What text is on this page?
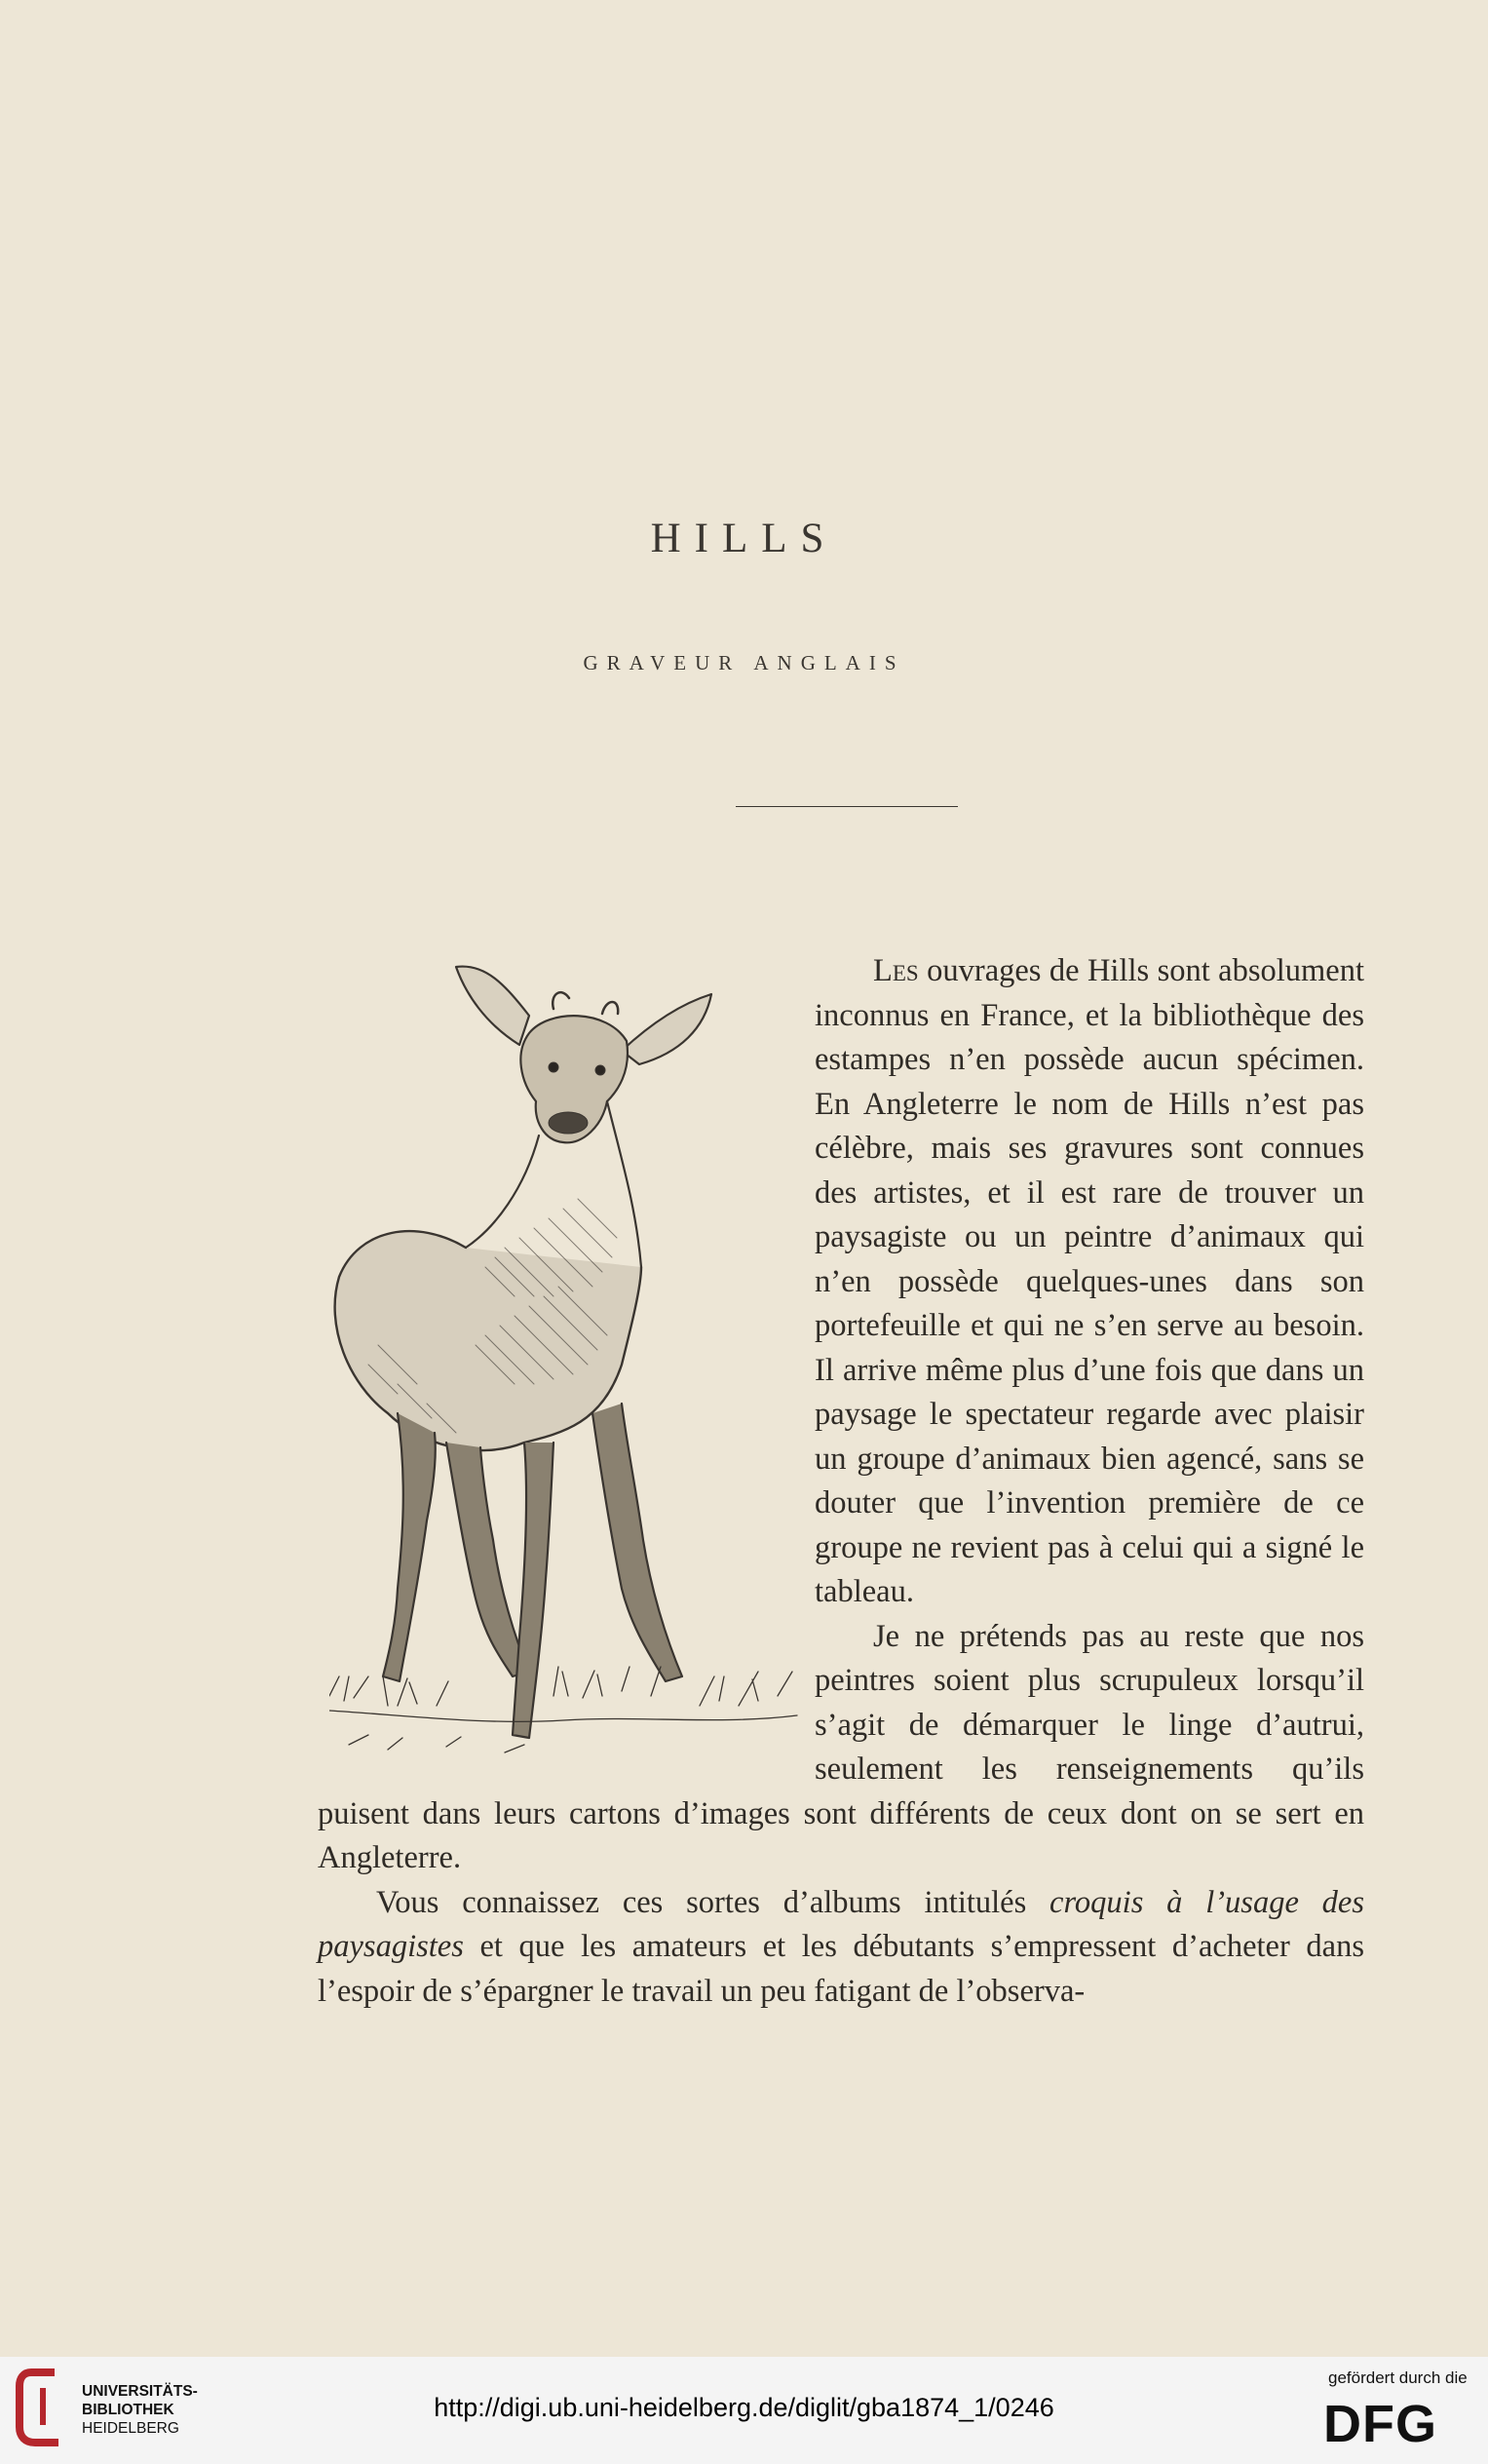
HILLS
GRAVEUR ANGLAIS

Les ouvrages de Hills sont absolument inconnus en France, et la bibliothèque des estampes n’en possède aucun spécimen. En Angleterre le nom de Hills n’est pas célèbre, mais ses gravures sont connues des artistes, et il est rare de trouver un paysagiste ou un peintre d’animaux qui n’en possède quelques-unes dans son portefeuille et qui ne s’en serve au besoin. Il arrive même plus d’une fois que dans un paysage le spectateur regarde avec plaisir un groupe d’animaux bien agencé, sans se douter que l’invention première de ce groupe ne revient pas à celui qui a signé le tableau.

Je ne prétends pas au reste que nos peintres soient plus scrupuleux lorsqu’il s’agit de démarquer le linge d’autrui, seulement les renseignements qu’ils puisent dans leurs cartons d’images sont différents de ceux dont on se sert en Angleterre.

Vous connaissez ces sortes d’albums intitulés croquis à l’usage des paysagistes et que les amateurs et les débutants s’empressent d’acheter dans l’espoir de s’épargner le travail un peu fatigant de l’observa-

UNIVERSITÄTS-
BIBLIOTHEK
HEIDELBERG
http://digi.ub.uni-heidelberg.de/diglit/gba1874_1/0246
gefördert durch die
DFG
